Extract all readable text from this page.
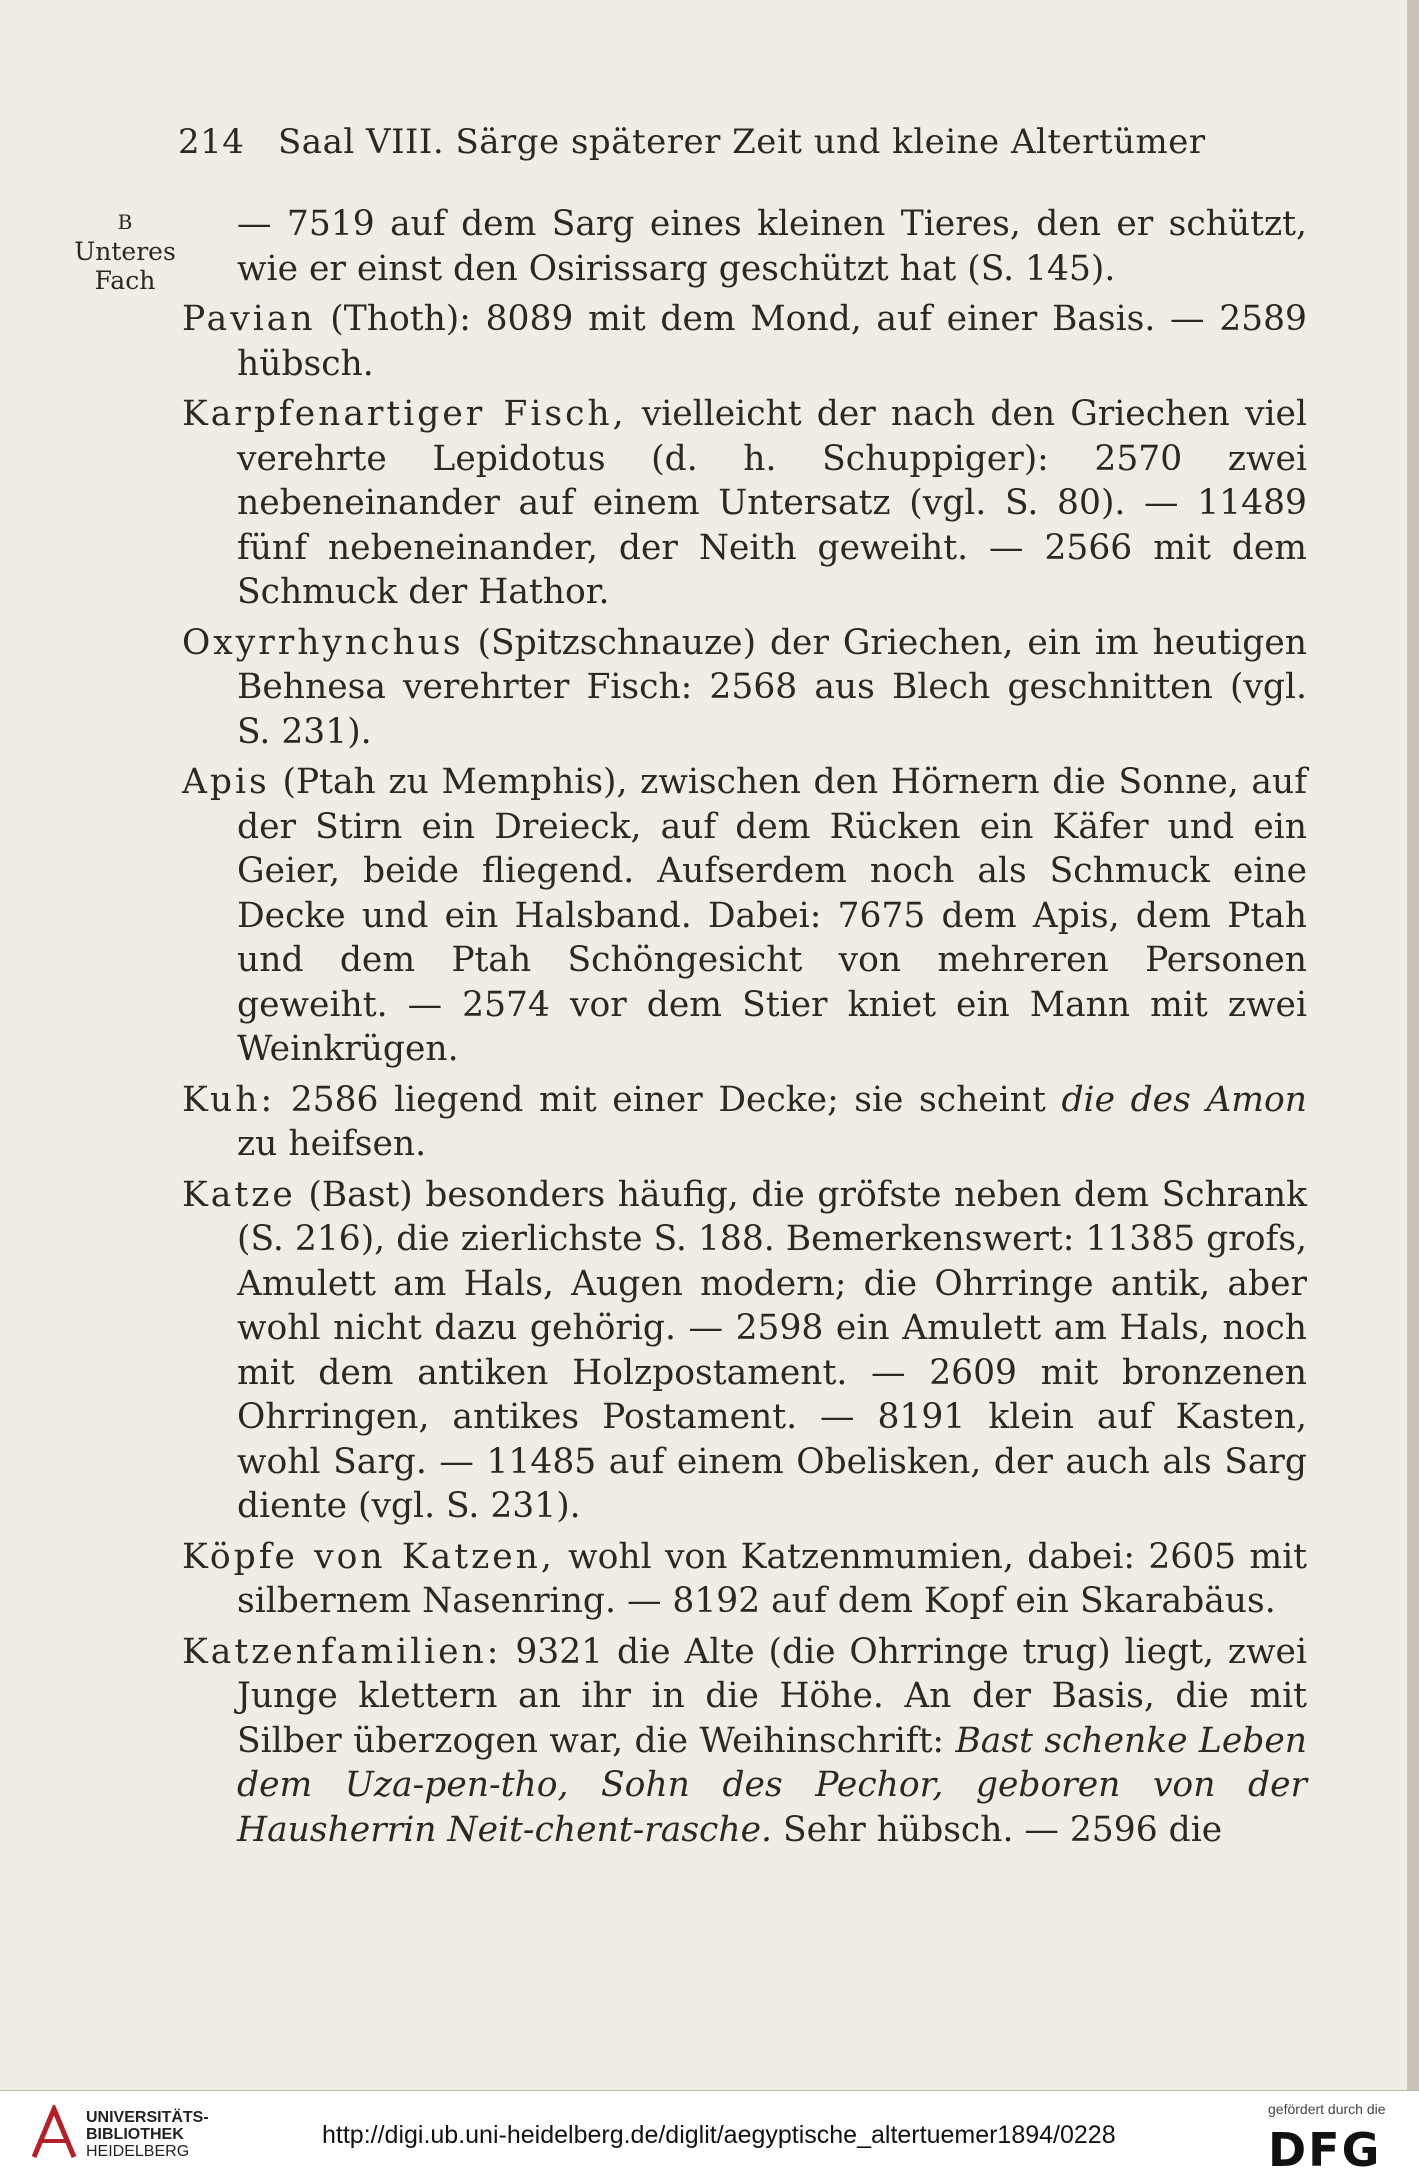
214 Saal VIII. Särge späterer Zeit und kleine Altertümer
B
Unteres
Fach

— 7519 auf dem Sarg eines kleinen Tieres, den er schützt, wie er einst den Osirissarg geschützt hat (S. 145).

Pavian (Thoth): 8089 mit dem Mond, auf einer Basis. — 2589 hübsch.

Karpfenartiger Fisch, vielleicht der nach den Griechen viel verehrte Lepidotus (d. h. Schuppiger): 2570 zwei nebeneinander auf einem Untersatz (vgl. S. 80). — 11489 fünf nebeneinander, der Neith geweiht. — 2566 mit dem Schmuck der Hathor.

Oxyrrhynchus (Spitzschnauze) der Griechen, ein im heutigen Behnesa verehrter Fisch: 2568 aus Blech geschnitten (vgl. S. 231).

Apis (Ptah zu Memphis), zwischen den Hörnern die Sonne, auf der Stirn ein Dreieck, auf dem Rücken ein Käfer und ein Geier, beide fliegend. Aufserdem noch als Schmuck eine Decke und ein Halsband. Dabei: 7675 dem Apis, dem Ptah und dem Ptah Schöngesicht von mehreren Personen geweiht. — 2574 vor dem Stier kniet ein Mann mit zwei Weinkrügen.

Kuh: 2586 liegend mit einer Decke; sie scheint die des Amon zu heifsen.

Katze (Bast) besonders häufig, die gröfste neben dem Schrank (S. 216), die zierlichste S. 188. Bemerkenswert: 11385 grofs, Amulett am Hals, Augen modern; die Ohrringe antik, aber wohl nicht dazu gehörig. — 2598 ein Amulett am Hals, noch mit dem antiken Holzpostament. — 2609 mit bronzenen Ohrringen, antikes Postament. — 8191 klein auf Kasten, wohl Sarg. — 11485 auf einem Obelisken, der auch als Sarg diente (vgl. S. 231).

Köpfe von Katzen, wohl von Katzenmumien, dabei: 2605 mit silbernem Nasenring. — 8192 auf dem Kopf ein Skarabäus.

Katzenfamilien: 9321 die Alte (die Ohrringe trug) liegt, zwei Junge klettern an ihr in die Höhe. An der Basis, die mit Silber überzogen war, die Weihinschrift: Bast schenke Leben dem Uza-pen-tho, Sohn des Pechor, geboren von der Hausherrin Neit-chent-rasche. Sehr hübsch. — 2596 die

UNIVERSITÄTS-
BIBLIOTHEK
HEIDELBERG
http://digi.ub.uni-heidelberg.de/diglit/aegyptische_altertuemer1894/0228
gefördert durch die
DFG
